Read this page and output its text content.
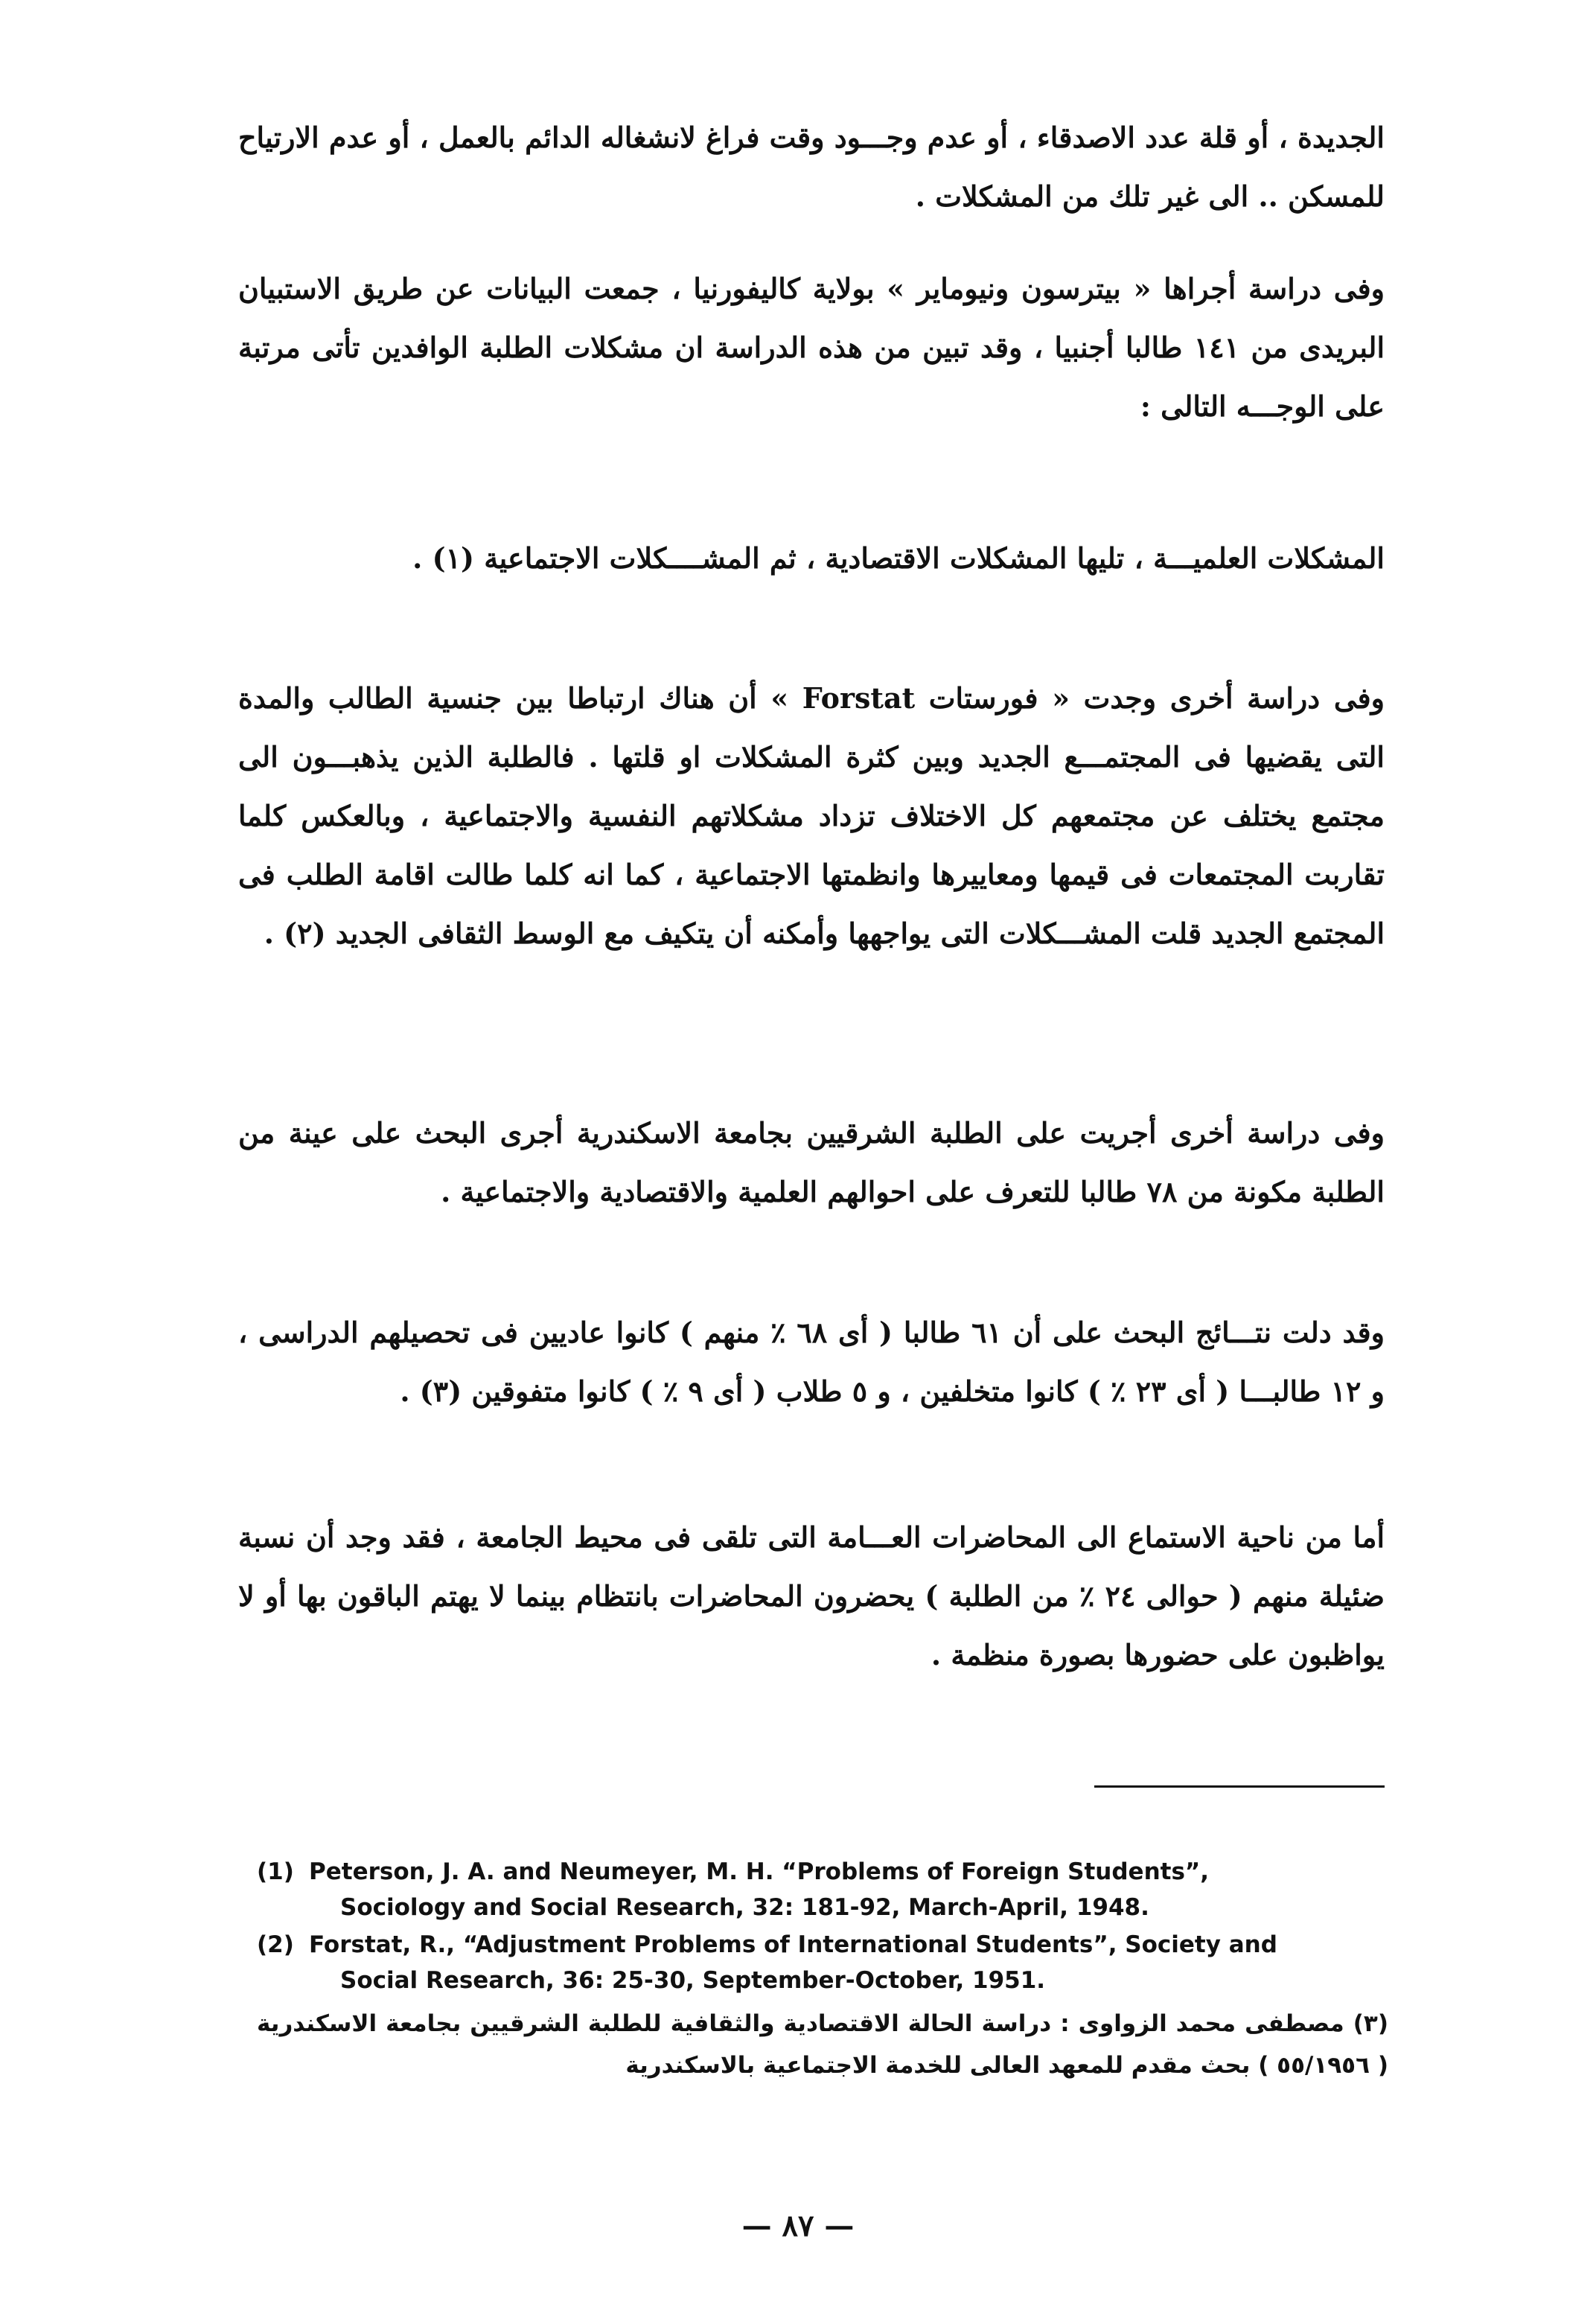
الجديدة ، أو قلة عدد الاصدقاء ، أو عدم وجـــود وقت فراغ لانشغاله الدائم بالعمل ، أو عدم الارتياح للمسكن .. الى غير تلك من المشكلات .

وفى دراسة أجراها « بيترسون ونيوماير » بولاية كاليفورنيا ، جمعت البيانات عن طريق الاستبيان البريدى من ١٤١ طالبا أجنبيا ، وقد تبين من هذه الدراسة ان مشكلات الطلبة الوافدين تأتى مرتبة على الوجـــه التالى :

المشكلات العلميـــة ، تليها المشكلات الاقتصادية ، ثم المشــــكلات الاجتماعية (١) .

وفى دراسة أخرى وجدت « فورستات Forstat » أن هناك ارتباطا بين جنسية الطالب والمدة التى يقضيها فى المجتمـــع الجديد وبين كثرة المشكلات او قلتها . فالطلبة الذين يذهبـــون الى مجتمع يختلف عن مجتمعهم كل الاختلاف تزداد مشكلاتهم النفسية والاجتماعية ، وبالعكس كلما تقاربت المجتمعات فى قيمها ومعاييرها وانظمتها الاجتماعية ، كما انه كلما طالت اقامة الطلب فى المجتمع الجديد قلت المشـــكلات التى يواجهها وأمكنه أن يتكيف مع الوسط الثقافى الجديد (٢) .

وفى دراسة أخرى أجريت على الطلبة الشرقيين بجامعة الاسكندرية أجرى البحث على عينة من الطلبة مكونة من ٧٨ طالبا للتعرف على احوالهم العلمية والاقتصادية والاجتماعية .

وقد دلت نتـــائج البحث على أن ٦١ طالبا ( أى ٦٨ ٪ منهم ) كانوا عاديين فى تحصيلهم الدراسى ، و ١٢ طالبـــا ( أى ٢٣ ٪ ) كانوا متخلفين ، و ٥ طلاب ( أى ٩ ٪ ) كانوا متفوقين (٣) .

أما من ناحية الاستماع الى المحاضرات العـــامة التى تلقى فى محيط الجامعة ، فقد وجد أن نسبة ضئيلة منهم ( حوالى ٢٤ ٪ من الطلبة ) يحضرون المحاضرات بانتظام بينما لا يهتم الباقون بها أو لا يواظبون على حضورها بصورة منظمة .

(1) Peterson, J. A. and Neumeyer, M. H. “Problems of Foreign Students”,
Sociology and Social Research, 32: 181-92, March-April, 1948.
(2) Forstat, R., “Adjustment Problems of International Students”, Society and
Social Research, 36: 25-30, September-October, 1951.

(٣) مصطفى محمد الزواوى : دراسة الحالة الاقتصادية والثقافية للطلبة الشرقيين بجامعة الاسكندرية ( ٥٥/١٩٥٦ ) بحث مقدم للمعهد العالى للخدمة الاجتماعية بالاسكندرية

— ٨٧ —
